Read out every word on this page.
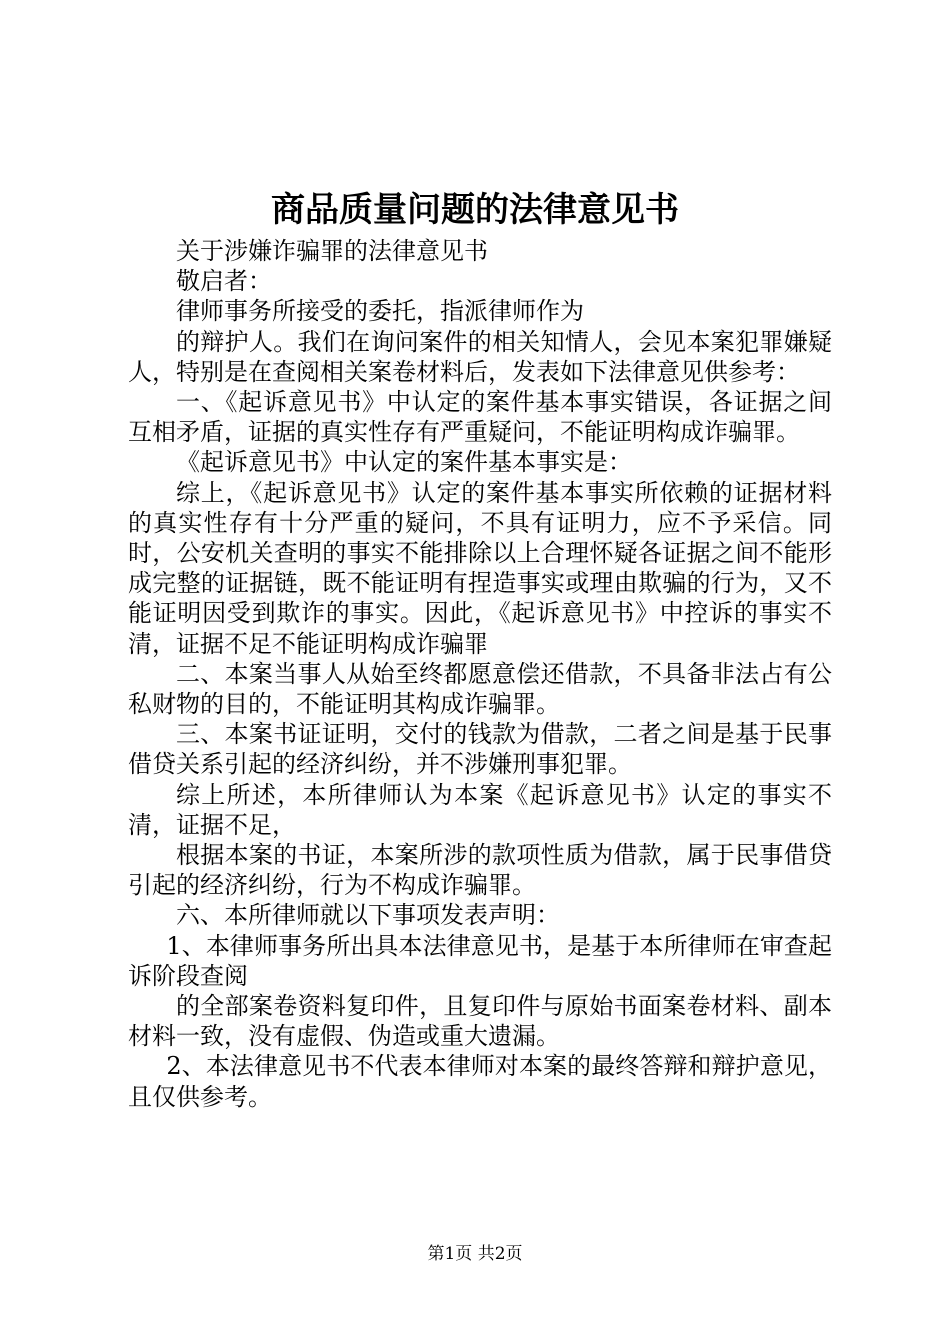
商品质量问题的法律意见书

关于涉嫌诈骗罪的法律意见书

敬启者：

律师事务所接受的委托，指派律师作为

的辩护人。我们在询问案件的相关知情人，会见本案犯罪嫌疑人，特别是在查阅相关案卷材料后，发表如下法律意见供参考：

一、《起诉意见书》中认定的案件基本事实错误，各证据之间互相矛盾，证据的真实性存有严重疑问，不能证明构成诈骗罪。

《起诉意见书》中认定的案件基本事实是：

综上，《起诉意见书》认定的案件基本事实所依赖的证据材料的真实性存有十分严重的疑问，不具有证明力，应不予采信。同时，公安机关查明的事实不能排除以上合理怀疑各证据之间不能形成完整的证据链，既不能证明有捏造事实或理由欺骗的行为，又不能证明因受到欺诈的事实。因此，《起诉意见书》中控诉的事实不清，证据不足不能证明构成诈骗罪

二、本案当事人从始至终都愿意偿还借款，不具备非法占有公私财物的目的，不能证明其构成诈骗罪。

三、本案书证证明，交付的钱款为借款，二者之间是基于民事借贷关系引起的经济纠纷，并不涉嫌刑事犯罪。

综上所述，本所律师认为本案《起诉意见书》认定的事实不清，证据不足，

根据本案的书证，本案所涉的款项性质为借款，属于民事借贷引起的经济纠纷，行为不构成诈骗罪。

六、本所律师就以下事项发表声明：

1、本律师事务所出具本法律意见书，是基于本所律师在审查起诉阶段查阅

的全部案卷资料复印件，且复印件与原始书面案卷材料、副本材料一致，没有虚假、伪造或重大遗漏。

2、本法律意见书不代表本律师对本案的最终答辩和辩护意见，且仅供参考。

第1页 共2页
